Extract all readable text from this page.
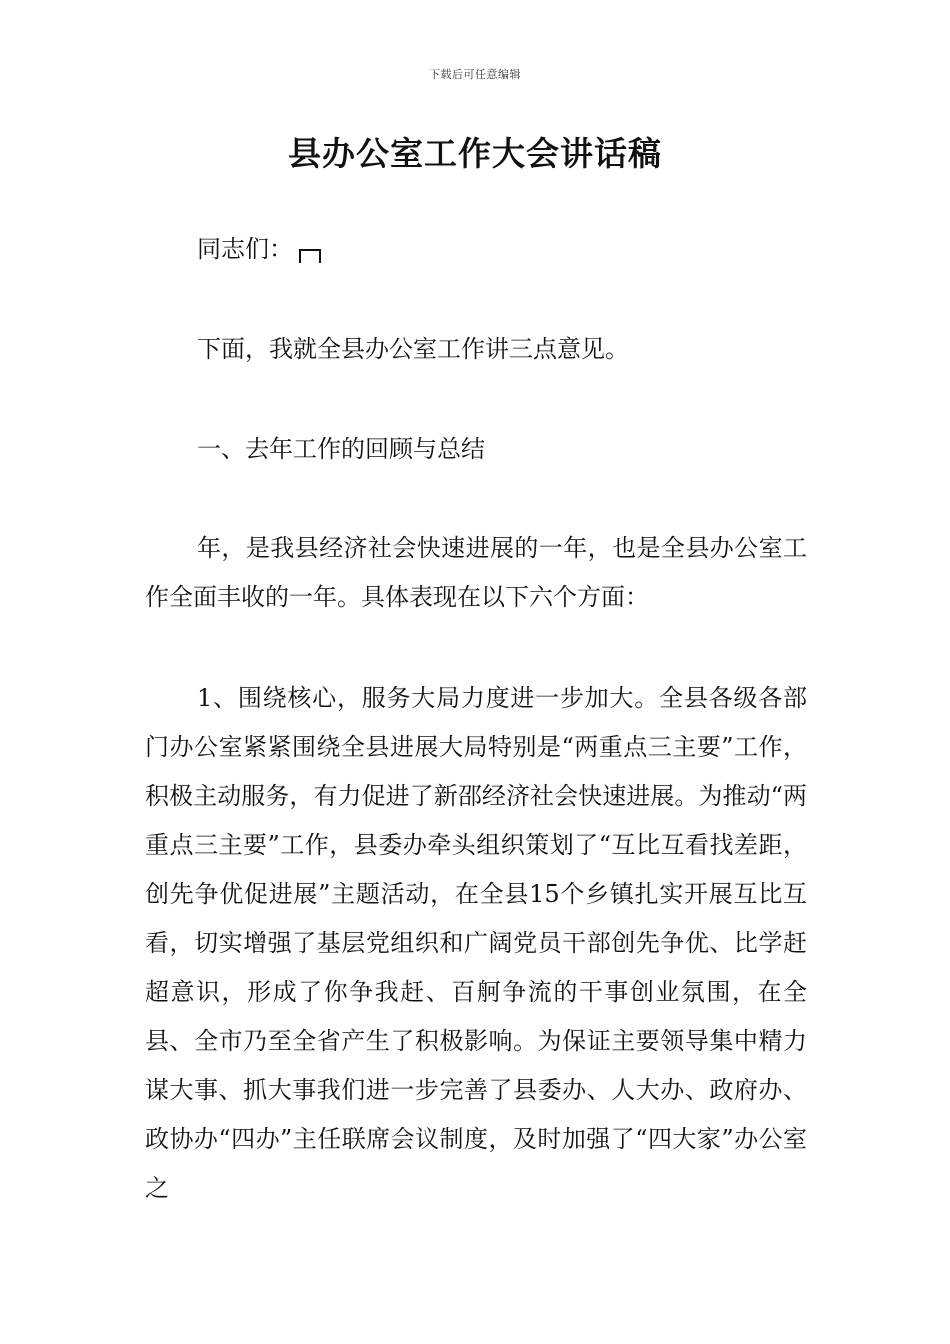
下载后可任意编辑
县办公室工作大会讲话稿

同志们：

下面，我就全县办公室工作讲三点意见。

一、去年工作的回顾与总结

年，是我县经济社会快速进展的一年，也是全县办公室工作全面丰收的一年。具体表现在以下六个方面：

1、围绕核心，服务大局力度进一步加大。全县各级各部门办公室紧紧围绕全县进展大局特别是“两重点三主要”工作，积极主动服务，有力促进了新邵经济社会快速进展。为推动“两重点三主要”工作，县委办牵头组织策划了“互比互看找差距，创先争优促进展”主题活动，在全县15个乡镇扎实开展互比互看，切实增强了基层党组织和广阔党员干部创先争优、比学赶超意识，形成了你争我赶、百舸争流的干事创业氛围，在全县、全市乃至全省产生了积极影响。为保证主要领导集中精力谋大事、抓大事我们进一步完善了县委办、人大办、政府办、政协办“四办”主任联席会议制度，及时加强了“四大家”办公室之
